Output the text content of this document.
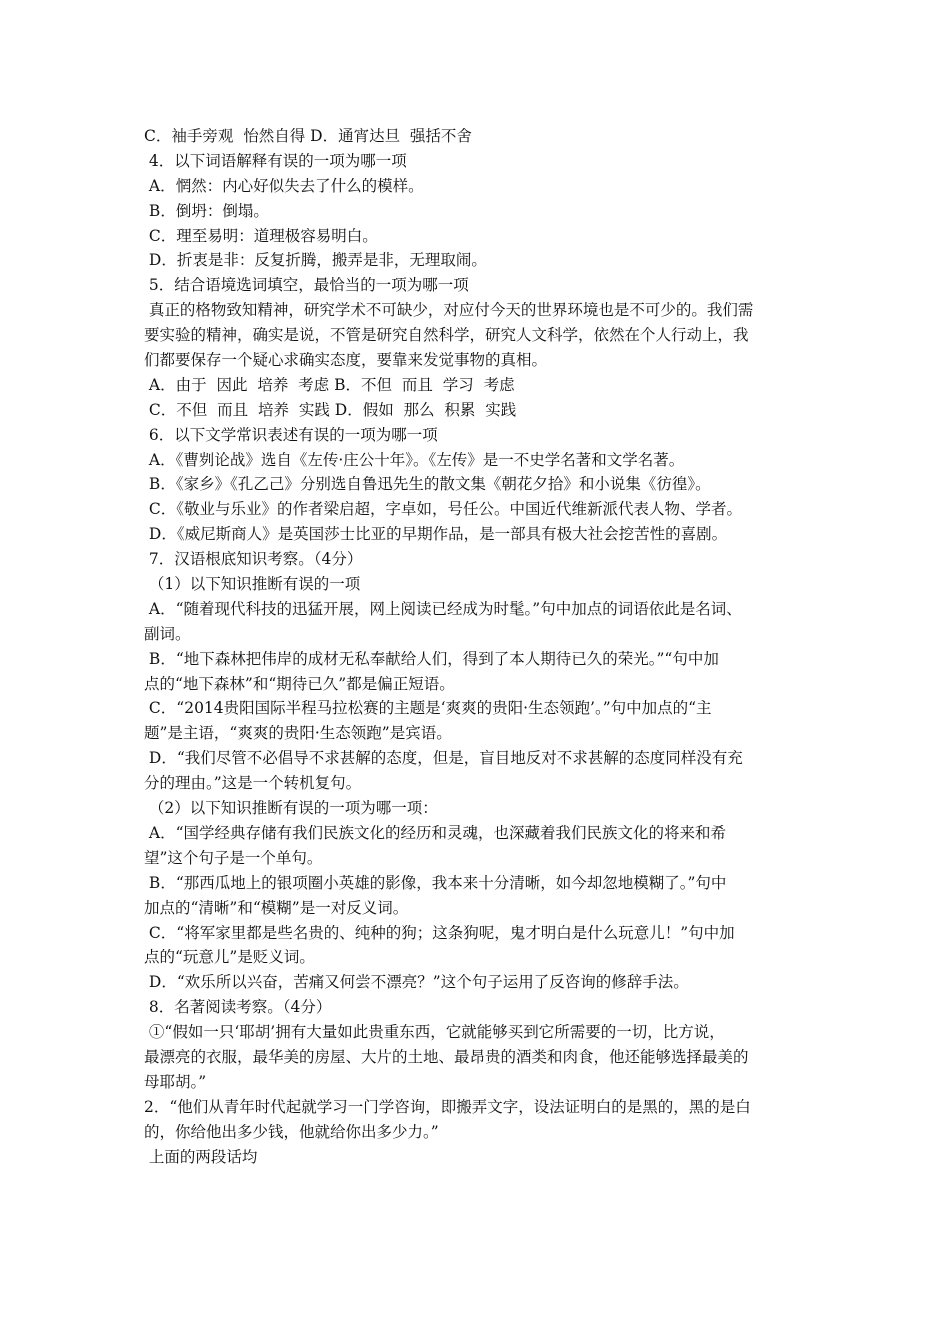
C．袖手旁观  怡然自得 D．通宵达旦  强括不舍
4．以下词语解释有误的一项为哪一项
A．惘然：内心好似失去了什么的模样。
B．倒坍：倒塌。
C．理至易明：道理极容易明白。
D．折衷是非：反复折腾，搬弄是非，无理取闹。
5．结合语境选词填空，最恰当的一项为哪一项
真正的格物致知精神，研究学术不可缺少，对应付今天的世界环境也是不可少的。我们需
要实验的精神，确实是说，不管是研究自然科学，研究人文科学，依然在个人行动上，我
们都要保存一个疑心求确实态度，要靠来发觉事物的真相。
A．由于  因此  培养  考虑 B．不但  而且  学习  考虑
C．不但  而且  培养  实践 D．假如  那么  积累  实践
6．以下文学常识表述有误的一项为哪一项
A．《曹刿论战》选自《左传·庄公十年》。《左传》是一不史学名著和文学名著。
B．《家乡》《孔乙己》分别选自鲁迅先生的散文集《朝花夕拾》和小说集《彷徨》。
C．《敬业与乐业》的作者梁启超，字卓如，号任公。中国近代维新派代表人物、学者。
D．《威尼斯商人》是英国莎士比亚的早期作品，是一部具有极大社会挖苦性的喜剧。
7．汉语根底知识考察。（4分）
（1）以下知识推断有误的一项
A．“随着现代科技的迅猛开展，网上阅读已经成为时髦。”句中加点的词语依此是名词、
副词。
B．“地下森林把伟岸的成材无私奉献给人们，得到了本人期待已久的荣光。”“句中加
点的“地下森林”和“期待已久”都是偏正短语。
C．“2014贵阳国际半程马拉松赛的主题是‘爽爽的贵阳·生态领跑’。”句中加点的“主
题”是主语，“爽爽的贵阳·生态领跑”是宾语。
D．“我们尽管不必倡导不求甚解的态度，但是，盲目地反对不求甚解的态度同样没有充
分的理由。”这是一个转机复句。
（2）以下知识推断有误的一项为哪一项：
A．“国学经典存储有我们民族文化的经历和灵魂，也深藏着我们民族文化的将来和希
望”这个句子是一个单句。
B．“那西瓜地上的银项圈小英雄的影像，我本来十分清晰，如今却忽地模糊了。”句中
加点的“清晰”和“模糊”是一对反义词。
C．“将军家里都是些名贵的、纯种的狗；这条狗呢，鬼才明白是什么玩意儿！”句中加
点的“玩意儿”是贬义词。
D．“欢乐所以兴奋，苦痛又何尝不漂亮？”这个句子运用了反咨询的修辞手法。
8．名著阅读考察。（4分）
①“假如一只‘耶胡’拥有大量如此贵重东西，它就能够买到它所需要的一切，比方说，
最漂亮的衣服，最华美的房屋、大片的土地、最昂贵的酒类和肉食，他还能够选择最美的
母耶胡。”
2．“他们从青年时代起就学习一门学咨询，即搬弄文字，设法证明白的是黑的，黑的是白
的，你给他出多少钱，他就给你出多少力。”
上面的两段话均
